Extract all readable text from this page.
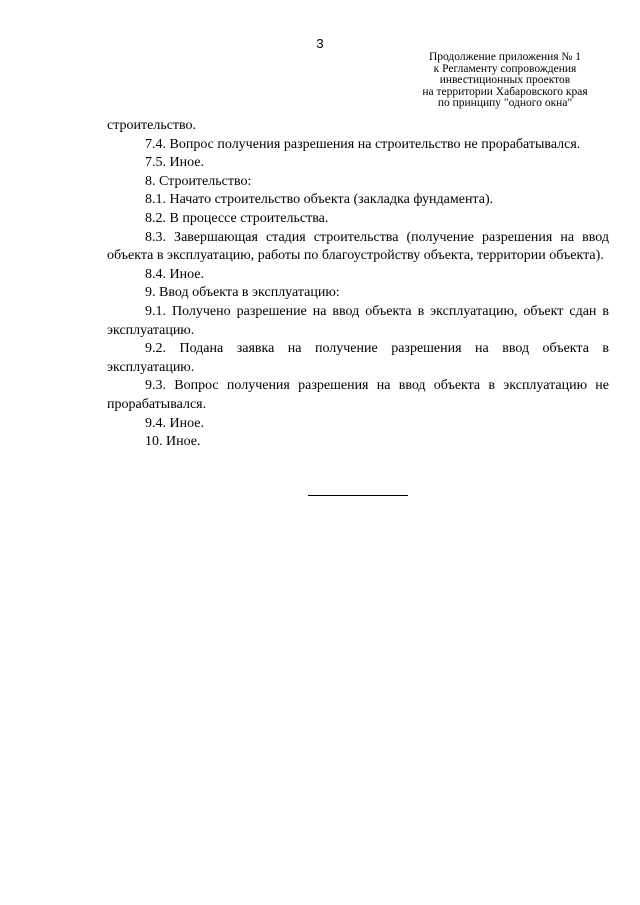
3
Продолжение приложения № 1
к Регламенту сопровождения
инвестиционных проектов
на территории Хабаровского края
по принципу "одного окна"

строительство.

7.4. Вопрос получения разрешения на строительство не прорабатывался.

7.5. Иное.

8. Строительство:

8.1. Начато строительство объекта (закладка фундамента).

8.2. В процессе строительства.

8.3. Завершающая стадия строительства (получение разрешения на ввод объекта в эксплуатацию, работы по благоустройству объекта, территории объекта).

8.4. Иное.

9. Ввод объекта в эксплуатацию:

9.1. Получено разрешение на ввод объекта в эксплуатацию, объект сдан в эксплуатацию.

9.2. Подана заявка на получение разрешения на ввод объекта в эксплуатацию.

9.3. Вопрос получения разрешения на ввод объекта в эксплуатацию не прорабатывался.

9.4. Иное.

10. Иное.
